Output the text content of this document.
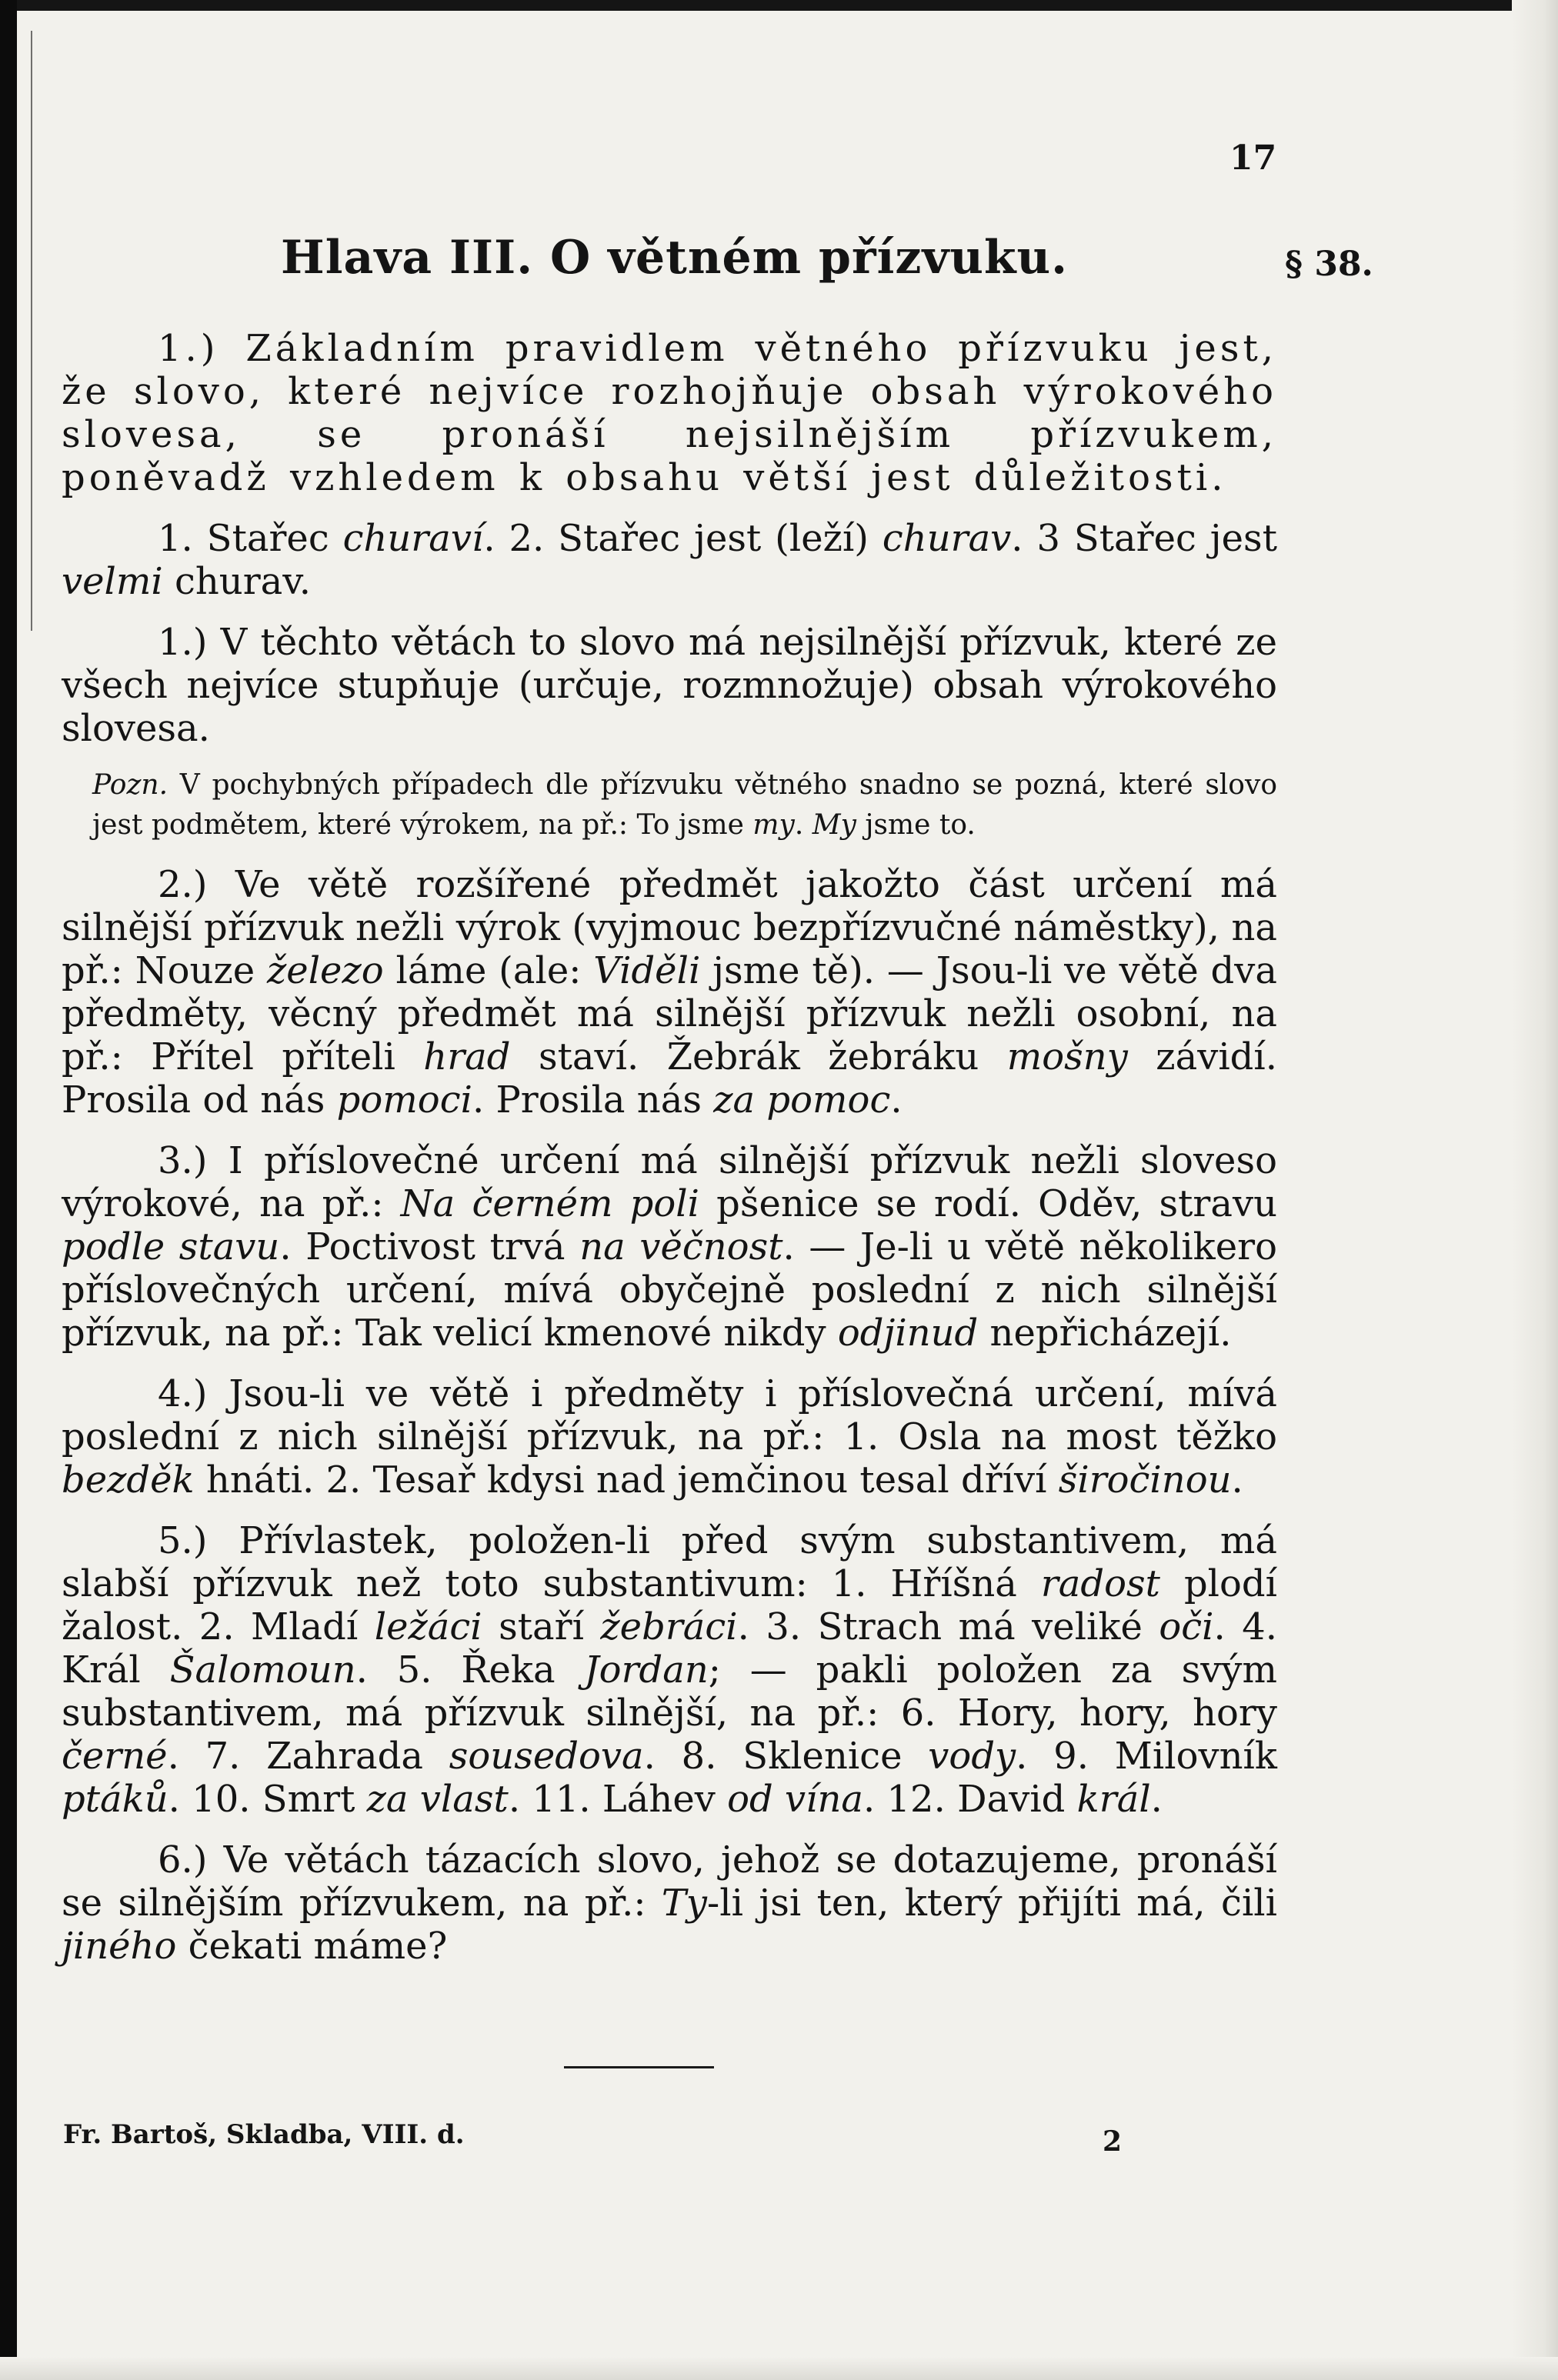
17
Hlava III. O větném přízvuku.	§ 38.

1.) Základním pravidlem větného přízvuku jest, že slovo, které nejvíce rozhojňuje obsah výrokového slovesa, se pronáší nejsilnějším přízvukem, poněvadž vzhledem k obsahu větší jest důležitosti.

1. Stařec churaví. 2. Stařec jest (leží) churav. 3 Stařec jest velmi churav.

1.) V těchto větách to slovo má nejsilnější přízvuk, které ze všech nejvíce stupňuje (určuje, rozmnožuje) obsah výrokového slovesa.

Pozn. V pochybných případech dle přízvuku větného snadno se pozná, které slovo jest podmětem, které výrokem, na př.: To jsme my. My jsme to.

2.) Ve větě rozšířené předmět jakožto část určení má silnější přízvuk nežli výrok (vyjmouc bezpřízvučné náměstky), na př.: Nouze železo láme (ale: Viděli jsme tě). — Jsou-li ve větě dva předměty, věcný předmět má silnější přízvuk nežli osobní, na př.: Přítel příteli hrad staví. Žebrák žebráku mošny závidí. Prosila od nás pomoci. Prosila nás za pomoc.

3.) I příslovečné určení má silnější přízvuk nežli sloveso výrokové, na př.: Na černém poli pšenice se rodí. Oděv, stravu podle stavu. Poctivost trvá na věčnost. — Je-li u větě několikero příslovečných určení, mívá obyčejně poslední z nich silnější přízvuk, na př.: Tak velicí kmenové nikdy odjinud nepřicházejí.

4.) Jsou-li ve větě i předměty i příslovečná určení, mívá poslední z nich silnější přízvuk, na př.: 1. Osla na most těžko bezděk hnáti. 2. Tesař kdysi nad jemčinou tesal dříví širočinou.

5.) Přívlastek, položen-li před svým substantivem, má slabší přízvuk než toto substantivum: 1. Hříšná radost plodí žalost. 2. Mladí ležáci staří žebráci. 3. Strach má veliké oči. 4. Král Šalomoun. 5. Řeka Jordan; — pakli položen za svým substantivem, má přízvuk silnější, na př.: 6. Hory, hory, hory černé. 7. Zahrada sousedova. 8. Sklenice vody. 9. Milovník ptáků. 10. Smrt za vlast. 11. Láhev od vína. 12. David král.

6.) Ve větách tázacích slovo, jehož se dotazujeme, pronáší se silnějším přízvukem, na př.: Ty-li jsi ten, který přijíti má, čili jiného čekati máme?

Fr. Bartoš, Skladba, VIII. d.	2
